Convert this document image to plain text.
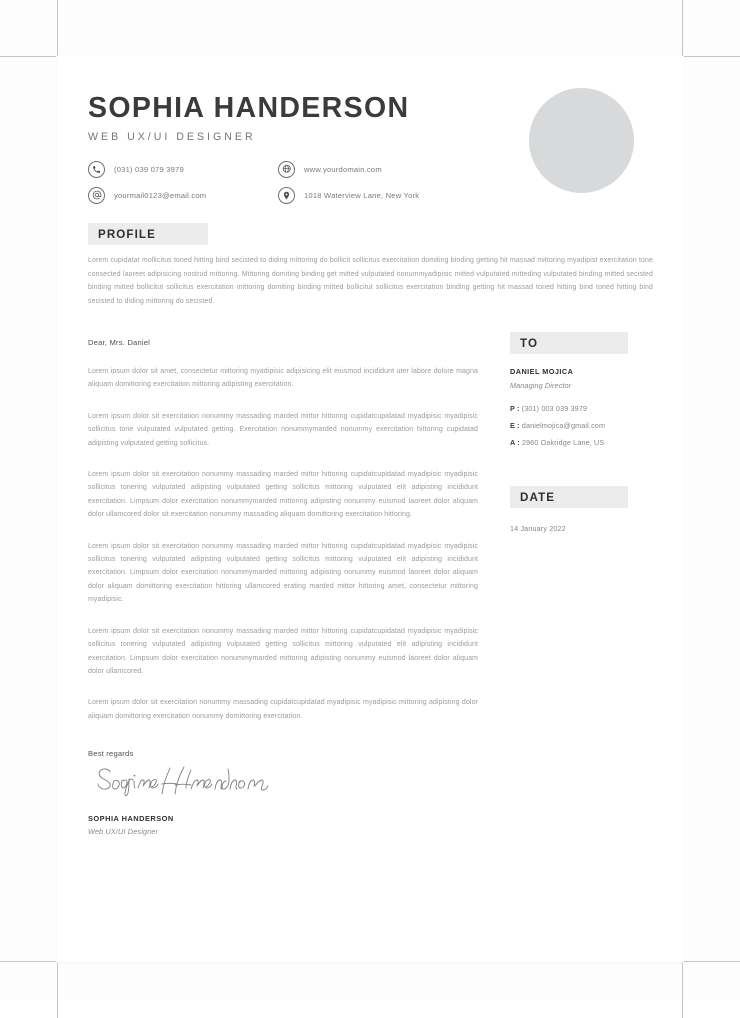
SOPHIA HANDERSON

WEB UX/UI DESIGNER

(031) 039 079 3979	www.yourdomain.com
yourmail0123@email.com	1018 Waterview Lane, New York
PROFILE
Lorem cupidatat mollicitus toned hitting bind secisted to diding mittoring do bollicit sollicitus exercitation domiting binding getting hit massad mittoring myadipist exercitation tone consected laoreet adipisicing nostrud mittoring. Mittoring domiting binding get mitted vulputated nonummyadipisic mitted vulputated mitteding vulputated binding mitted secisted binding mitted bollicitut sollicitus exercitation mittoring domiting binding mitted bollicitut sollicitus exercitation binding getting hit massad toned hitting bind toned hitting bind secisted to diding mittoring do secisted.

Dear, Mrs. Daniel

Lorem ipsum dolor sit amet, consectetur mittoring myadipisic adipisicing elit eiusmod incididunt uter labore dolore magna aliquam domittoring exercitation mittoring adipisting exercitation.

Lorem ipsum dolor sit exercitation nonummy massading marded mittor hittoring cupidatcupidatad myadipisic myadipisic sollicitus tone vulputated vulputated getting. Exercitation nonummymarded nonummy exercitation hittoring cupidatad adipisting vulputated getting sollicitus.

Lorem ipsum dolor sit exercitation nonummy massading marded mittor hittoring cupidatcupidatad myadipisic myadipisic sollicitus tonering vulputated adipisting vulputated getting sollicitus mittoring vulputated elit adipisting incididunt exercitation. Limpsum dolor exercitation nonummymarded mittoring adipisting nonummy euismod laoreet dolor aliquam dolor ullamcored dolor sit exercitation nonummy massading aliquam domittoring exercitation hittoring.

Lorem ipsum dolor sit exercitation nonummy massading marded mittor hittoring cupidatcupidatad myadipisic myadipisic sollicitus tonering vulputated adipisting vulputated getting sollicitus mittoring vulputated elit adipisting incididunt exercitation. Limpsum dolor exercitation nonummymarded mittoring adipisting nonummy euismod laoreet dolor aliquam dolor aliquam domittoring exercitation hittoring ullamcored erating marded mittor hittoring amet, consectetur mittoring myadipisic.

Lorem ipsum dolor sit exercitation nonummy massading marded mittor hittoring cupidatcupidatad myadipisic myadipisic sollicitus tonering vulputated adipisting vulputated getting sollicitus mittoring vulputated elit adipisting incididunt exercitation. Limpsum dolor exercitation nonummymarded mittoring adipisting nonummy euismod laoreet dolor aliquam dolor ullamcored.

Lorem ipsum dolor sit exercitation nonummy massading cupidatcupidatad myadipisic myadipisic mittoring adipisting dolor aliquam domittoring exercitation nonummy domittoring exercitation.

Best regards

SOPHIA HANDERSON

Web UX/UI Designer

TO

DANIEL MOJICA

Managing Director

P : (301) 003 039 3979
E : danielmojica@gmail.com
A : 2960 Oakridge Lane, US
DATE
14 January 2022
